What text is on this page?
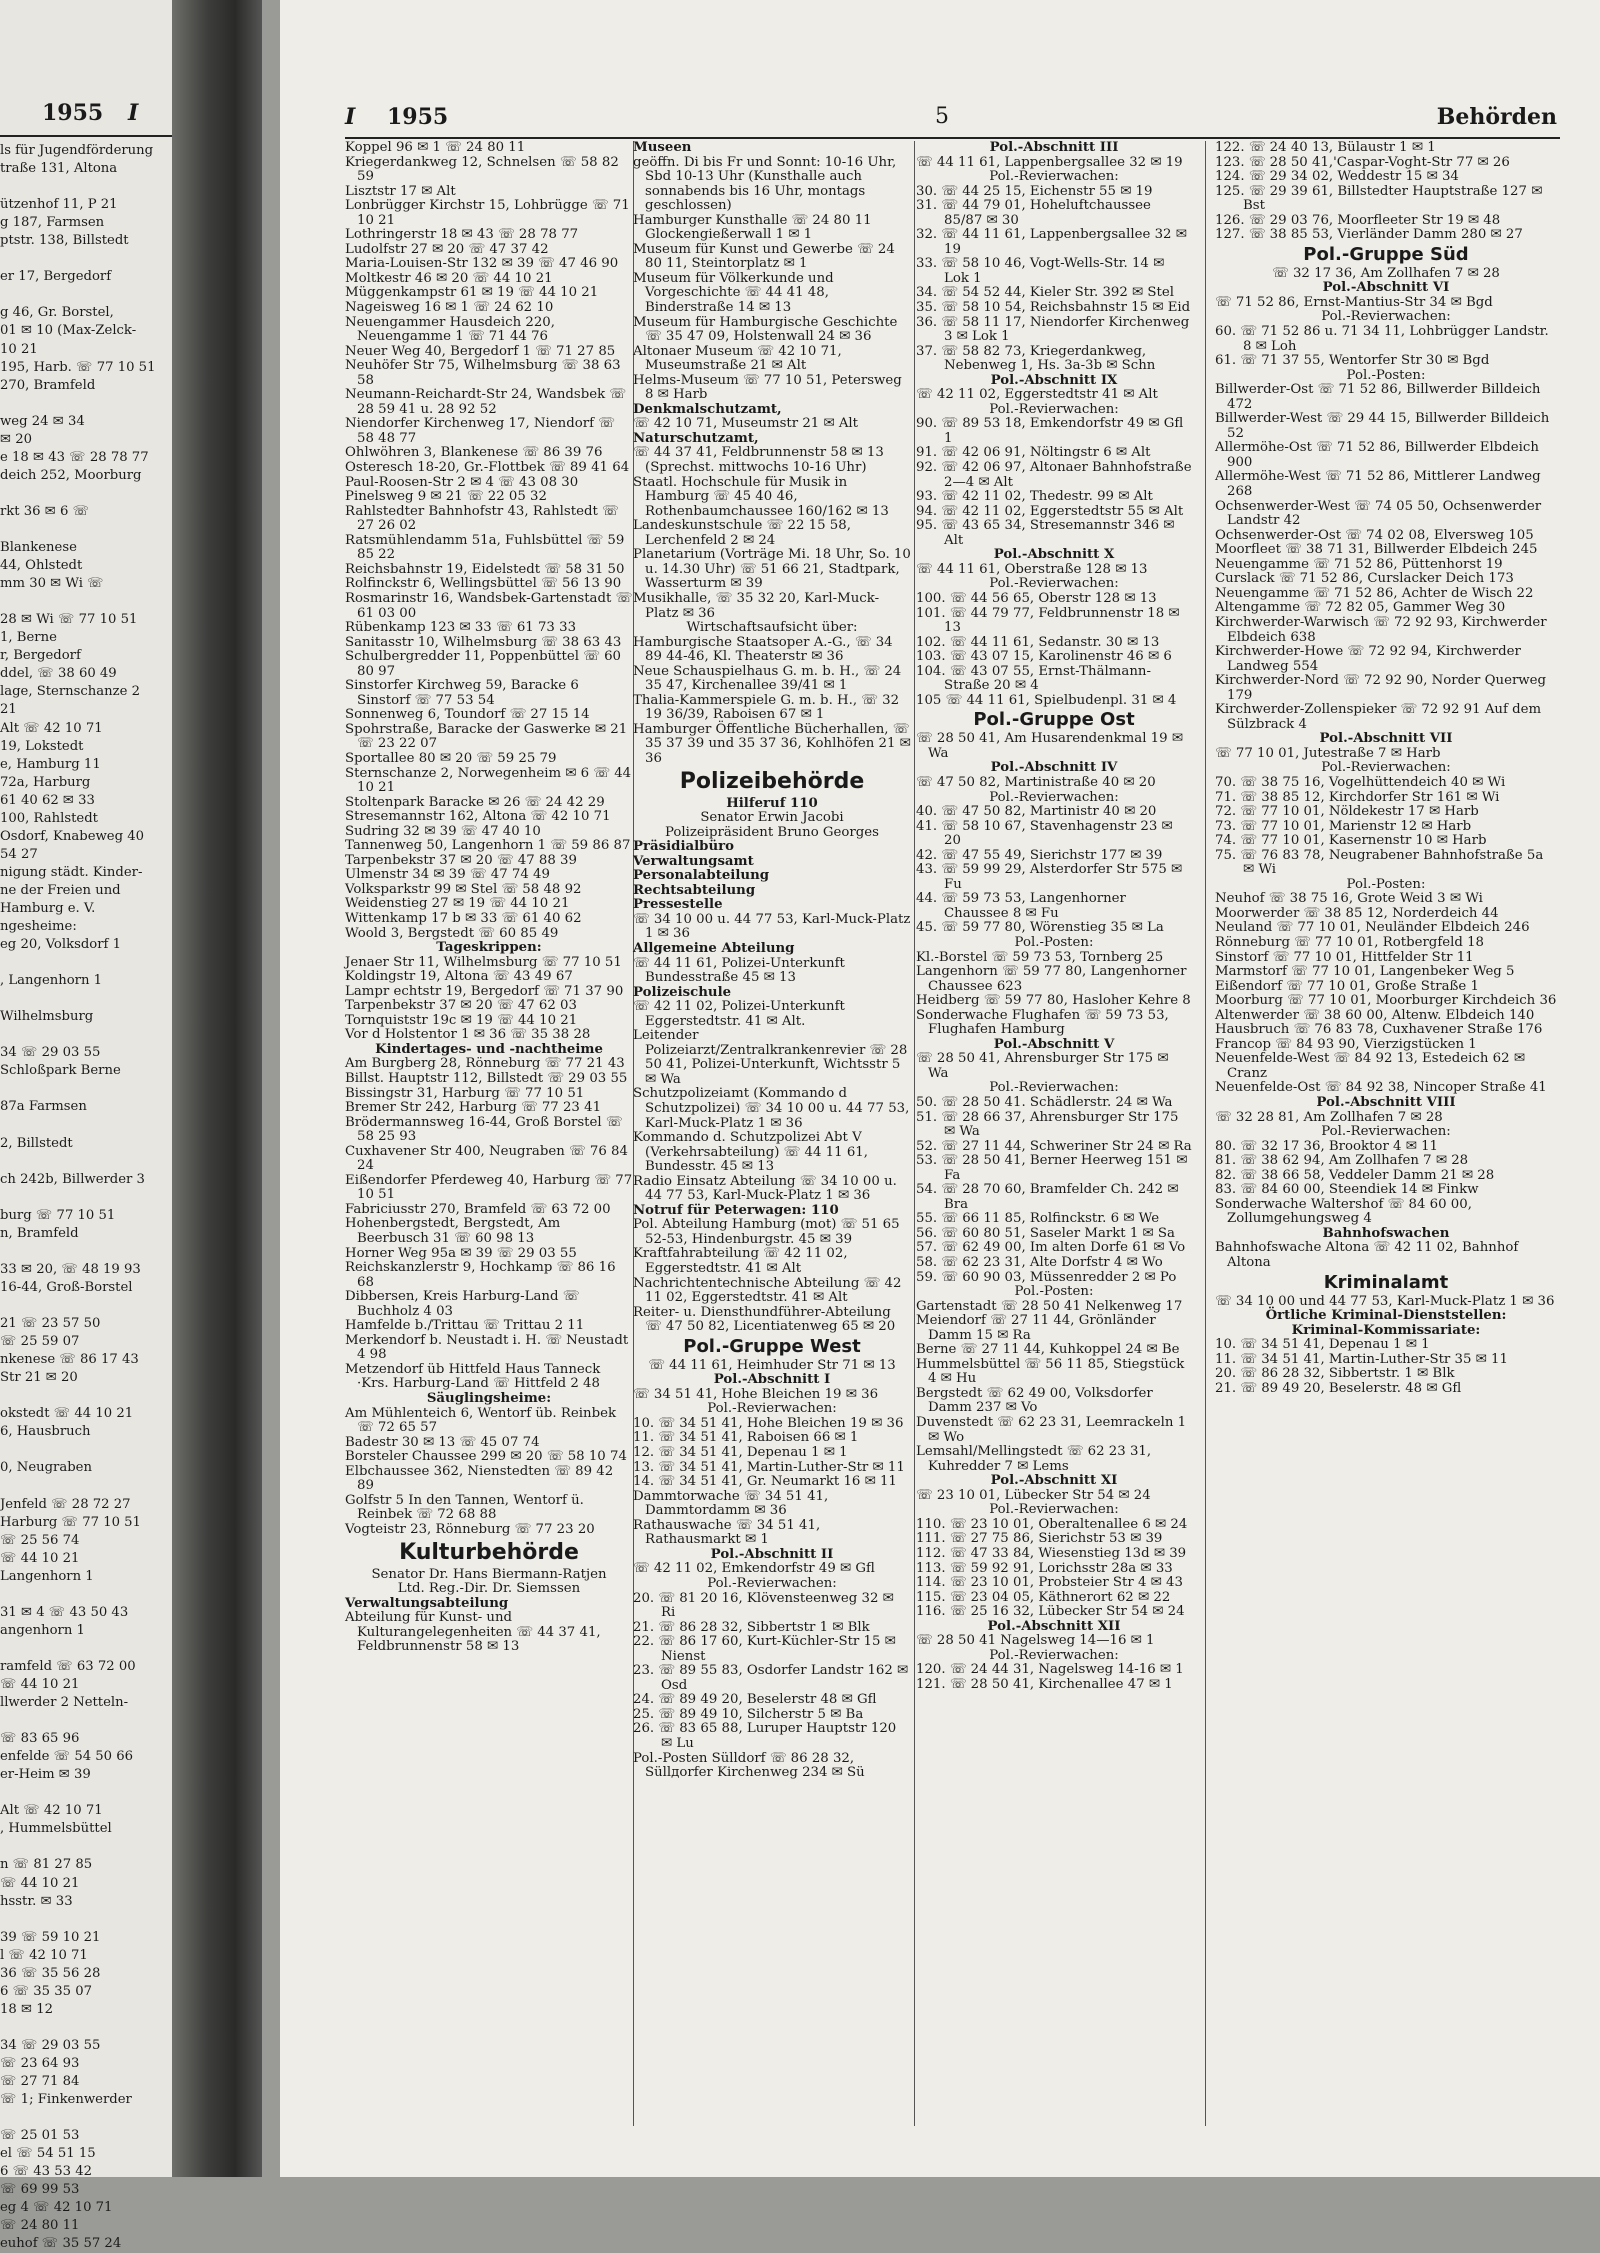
1955 I
ls für Jugendförderung
traße 131, Altona

ützenhof 11, P 21
g 187, Farmsen
ptstr. 138, Billstedt

er 17, Bergedorf

g 46, Gr. Borstel,
01 ✉ 10 (Max-Zelck-
10 21
195, Harb. ☏ 77 10 51
270, Bramfeld

weg 24 ✉ 34
✉ 20
e 18 ✉ 43 ☏ 28 78 77
deich 252, Moorburg

rkt 36 ✉ 6 ☏

Blankenese
44, Ohlstedt
mm 30 ✉ Wi ☏

28 ✉ Wi ☏ 77 10 51
1, Berne
r, Bergedorf
ddel, ☏ 38 60 49
lage, Sternschanze 2
21
Alt ☏ 42 10 71
19, Lokstedt
e, Hamburg 11
72a, Harburg
61 40 62 ✉ 33
100, Rahlstedt
Osdorf, Knabeweg 40
54 27
nigung städt. Kinder-
ne der Freien und
Hamburg e. V.
ngesheime:
eg 20, Volksdorf 1

, Langenhorn 1

Wilhelmsburg

34 ☏ 29 03 55
Schloßpark Berne

87a Farmsen

2, Billstedt

ch 242b, Billwerder 3

burg ☏ 77 10 51
n, Bramfeld

33 ✉ 20, ☏ 48 19 93
16-44, Groß-Borstel

21 ☏ 23 57 50
☏ 25 59 07
nkenese ☏ 86 17 43
Str 21 ✉ 20

okstedt ☏ 44 10 21
6, Hausbruch

0, Neugraben

Jenfeld ☏ 28 72 27
Harburg ☏ 77 10 51
☏ 25 56 74
☏ 44 10 21
Langenhorn 1

31 ✉ 4 ☏ 43 50 43
angenhorn 1

ramfeld ☏ 63 72 00
☏ 44 10 21
llwerder 2 Netteln-

☏ 83 65 96
enfelde ☏ 54 50 66
er-Heim ✉ 39

Alt ☏ 42 10 71
, Hummelsbüttel

n ☏ 81 27 85
☏ 44 10 21
hsstr. ✉ 33

39 ☏ 59 10 21
l ☏ 42 10 71
36 ☏ 35 56 28
6 ☏ 35 35 07
18 ✉ 12

34 ☏ 29 03 55
☏ 23 64 93
☏ 27 71 84
☏ 1; Finkenwerder

☏ 25 01 53
el ☏ 54 51 15
6 ☏ 43 53 42
☏ 69 99 53
eg 4 ☏ 42 10 71
☏ 24 80 11
euhof ☏ 35 57 24
I 1955	5	Behörden

Koppel 96 ✉ 1 ☏ 24 80 11

Kriegerdankweg 12, Schnelsen ☏ 58 82 59

Lisztstr 17 ✉ Alt

Lonbrügger Kirchstr 15, Lohbrügge ☏ 71 10 21

Lothringerstr 18 ✉ 43 ☏ 28 78 77

Ludolfstr 27 ✉ 20 ☏ 47 37 42

Maria-Louisen-Str 132 ✉ 39 ☏ 47 46 90

Moltkestr 46 ✉ 20 ☏ 44 10 21

Müggenkampstr 61 ✉ 19 ☏ 44 10 21

Nageisweg 16 ✉ 1 ☏ 24 62 10

Neuengammer Hausdeich 220, Neuengamme 1 ☏ 71 44 76

Neuer Weg 40, Bergedorf 1 ☏ 71 27 85

Neuhöfer Str 75, Wilhelmsburg ☏ 38 63 58

Neumann-Reichardt-Str 24, Wandsbek ☏ 28 59 41 u. 28 92 52

Niendorfer Kirchenweg 17, Niendorf ☏ 58 48 77

Ohlwöhren 3, Blankenese ☏ 86 39 76

Osteresch 18-20, Gr.-Flottbek ☏ 89 41 64

Paul-Roosen-Str 2 ✉ 4 ☏ 43 08 30

Pinelsweg 9 ✉ 21 ☏ 22 05 32

Rahlstedter Bahnhofstr 43, Rahlstedt ☏ 27 26 02

Ratsmühlendamm 51a, Fuhlsbüttel ☏ 59 85 22

Reichsbahnstr 19, Eidelstedt ☏ 58 31 50

Rolfinckstr 6, Wellingsbüttel ☏ 56 13 90

Rosmarinstr 16, Wandsbek-Gartenstadt ☏ 61 03 00

Rübenkamp 123 ✉ 33 ☏ 61 73 33

Sanitasstr 10, Wilhelmsburg ☏ 38 63 43

Schulbergredder 11, Poppenbüttel ☏ 60 80 97

Sinstorfer Kirchweg 59, Baracke 6 Sinstorf ☏ 77 53 54

Sonnenweg 6, Toundorf ☏ 27 15 14

Spohrstraße, Baracke der Gaswerke ✉ 21 ☏ 23 22 07

Sportallee 80 ✉ 20 ☏ 59 25 79

Sternschanze 2, Norwegenheim ✉ 6 ☏ 44 10 21

Stoltenpark Baracke ✉ 26 ☏ 24 42 29

Stresemannstr 162, Altona ☏ 42 10 71

Sudring 32 ✉ 39 ☏ 47 40 10

Tannenweg 50, Langenhorn 1 ☏ 59 86 87

Tarpenbekstr 37 ✉ 20 ☏ 47 88 39

Ulmenstr 34 ✉ 39 ☏ 47 74 49

Volksparkstr 99 ✉ Stel ☏ 58 48 92

Weidenstieg 27 ✉ 19 ☏ 44 10 21

Wittenkamp 17 b ✉ 33 ☏ 61 40 62

Woold 3, Bergstedt ☏ 60 85 49

Tageskrippen:

Jenaer Str 11, Wilhelmsburg ☏ 77 10 51

Koldingstr 19, Altona ☏ 43 49 67

Lampr echtstr 19, Bergedorf ☏ 71 37 90

Tarpenbekstr 37 ✉ 20 ☏ 47 62 03

Tornquiststr 19c ✉ 19 ☏ 44 10 21

Vor d Holstentor 1 ✉ 36 ☏ 35 38 28

Kindertages- und -nachtheime

Am Burgberg 28, Rönneburg ☏ 77 21 43

Billst. Hauptstr 112, Billstedt ☏ 29 03 55

Bissingstr 31, Harburg ☏ 77 10 51

Bremer Str 242, Harburg ☏ 77 23 41

Brödermannsweg 16-44, Groß Borstel ☏ 58 25 93

Cuxhavener Str 400, Neugraben ☏ 76 84 24

Eißendorfer Pferdeweg 40, Harburg ☏ 77 10 51

Fabriciusstr 270, Bramfeld ☏ 63 72 00

Hohenbergstedt, Bergstedt, Am Beerbusch 31 ☏ 60 98 13

Horner Weg 95a ✉ 39 ☏ 29 03 55

Reichskanzlerstr 9, Hochkamp ☏ 86 16 68

Dibbersen, Kreis Harburg-Land ☏ Buchholz 4 03

Hamfelde b./Trittau ☏ Trittau 2 11

Merkendorf b. Neustadt i. H. ☏ Neustadt 4 98

Metzendorf üb Hittfeld Haus Tanneck ·Krs. Harburg-Land ☏ Hittfeld 2 48

Säuglingsheime:

Am Mühlenteich 6, Wentorf üb. Reinbek ☏ 72 65 57

Badestr 30 ✉ 13 ☏ 45 07 74

Borsteler Chaussee 299 ✉ 20 ☏ 58 10 74

Elbchaussee 362, Nienstedten ☏ 89 42 89

Golfstr 5 In den Tannen, Wentorf ü. Reinbek ☏ 72 68 88

Vogteistr 23, Rönneburg ☏ 77 23 20

Kulturbehörde

Senator Dr. Hans Biermann-Ratjen

Ltd. Reg.-Dir. Dr. Siemssen

Verwaltungsabteilung

Abteilung für Kunst- und Kulturangelegenheiten ☏ 44 37 41, Feldbrunnenstr 58 ✉ 13

Museen

geöffn. Di bis Fr und Sonnt: 10-16 Uhr, Sbd 10-13 Uhr (Kunsthalle auch sonnabends bis 16 Uhr, montags geschlossen)

Hamburger Kunsthalle ☏ 24 80 11 Glockengießerwall 1 ✉ 1

Museum für Kunst und Gewerbe ☏ 24 80 11, Steintorplatz ✉ 1

Museum für Völkerkunde und Vorgeschichte ☏ 44 41 48, Binderstraße 14 ✉ 13

Museum für Hamburgische Geschichte ☏ 35 47 09, Holstenwall 24 ✉ 36

Altonaer Museum ☏ 42 10 71, Museumstraße 21 ✉ Alt

Helms-Museum ☏ 77 10 51, Petersweg 8 ✉ Harb

Denkmalschutzamt,

☏ 42 10 71, Museumstr 21 ✉ Alt

Naturschutzamt,

☏ 44 37 41, Feldbrunnenstr 58 ✉ 13 (Sprechst. mittwochs 10-16 Uhr)

Staatl. Hochschule für Musik in Hamburg ☏ 45 40 46, Rothenbaumchaussee 160/162 ✉ 13

Landeskunstschule ☏ 22 15 58, Lerchenfeld 2 ✉ 24

Planetarium (Vorträge Mi. 18 Uhr, So. 10 u. 14.30 Uhr) ☏ 51 66 21, Stadtpark, Wasserturm ✉ 39

Musikhalle, ☏ 35 32 20, Karl-Muck-Platz ✉ 36

Wirtschaftsaufsicht über:

Hamburgische Staatsoper A.-G., ☏ 34 89 44-46, Kl. Theaterstr ✉ 36

Neue Schauspielhaus G. m. b. H., ☏ 24 35 47, Kirchenallee 39/41 ✉ 1

Thalia-Kammerspiele G. m. b. H., ☏ 32 19 36/39, Raboisen 67 ✉ 1

Hamburger Öffentliche Bücherhallen, ☏ 35 37 39 und 35 37 36, Kohlhöfen 21 ✉ 36

Polizeibehörde

Hilferuf 110

Senator Erwin Jacobi

Polizeipräsident Bruno Georges

Präsidialbüro

Verwaltungsamt

Personalabteilung

Rechtsabteilung

Pressestelle

☏ 34 10 00 u. 44 77 53, Karl-Muck-Platz 1 ✉ 36

Allgemeine Abteilung

☏ 44 11 61, Polizei-Unterkunft Bundesstraße 45 ✉ 13

Polizeischule

☏ 42 11 02, Polizei-Unterkunft Eggerstedtstr. 41 ✉ Alt.

Leitender Polizeiarzt/Zentralkrankenrevier ☏ 28 50 41, Polizei-Unterkunft, Wichtsstr 5 ✉ Wa

Schutzpolizeiamt (Kommando d Schutzpolizei) ☏ 34 10 00 u. 44 77 53, Karl-Muck-Platz 1 ✉ 36

Kommando d. Schutzpolizei Abt V (Verkehrsabteilung) ☏ 44 11 61, Bundesstr. 45 ✉ 13

Radio Einsatz Abteilung ☏ 34 10 00 u. 44 77 53, Karl-Muck-Platz 1 ✉ 36

Notruf für Peterwagen: 110

Pol. Abteilung Hamburg (mot) ☏ 51 65 52-53, Hindenburgstr. 45 ✉ 39

Kraftfahrabteilung ☏ 42 11 02, Eggerstedtstr. 41 ✉ Alt

Nachrichtentechnische Abteilung ☏ 42 11 02, Eggerstedtstr. 41 ✉ Alt

Reiter- u. Diensthundführer-Abteilung ☏ 47 50 82, Licentiatenweg 65 ✉ 20

Pol.-Gruppe West

☏ 44 11 61, Heimhuder Str 71 ✉ 13

Pol.-Abschnitt I

☏ 34 51 41, Hohe Bleichen 19 ✉ 36

Pol.-Revierwachen:

10. ☏ 34 51 41, Hohe Bleichen 19 ✉ 36

11. ☏ 34 51 41, Raboisen 66 ✉ 1

12. ☏ 34 51 41, Depenau 1 ✉ 1

13. ☏ 34 51 41, Martin-Luther-Str ✉ 11

14. ☏ 34 51 41, Gr. Neumarkt 16 ✉ 11

Dammtorwache ☏ 34 51 41, Dammtordamm ✉ 36

Rathauswache ☏ 34 51 41, Rathausmarkt ✉ 1

Pol.-Abschnitt II

☏ 42 11 02, Emkendorfstr 49 ✉ Gfl

Pol.-Revierwachen:

20. ☏ 81 20 16, Klövensteenweg 32 ✉ Ri

21. ☏ 86 28 32, Sibbertstr 1 ✉ Blk

22. ☏ 86 17 60, Kurt-Küchler-Str 15 ✉ Nienst

23. ☏ 89 55 83, Osdorfer Landstr 162 ✉ Osd

24. ☏ 89 49 20, Beselerstr 48 ✉ Gfl

25. ☏ 89 49 10, Silcherstr 5 ✉ Ba

26. ☏ 83 65 88, Luruper Hauptstr 120 ✉ Lu

Pol.-Posten Sülldorf ☏ 86 28 32, Süllдorfer Kirchenweg 234 ✉ Sü

Pol.-Abschnitt III

☏ 44 11 61, Lappenbergsallee 32 ✉ 19

Pol.-Revierwachen:

30. ☏ 44 25 15, Eichenstr 55 ✉ 19

31. ☏ 44 79 01, Hoheluftchaussee 85/87 ✉ 30

32. ☏ 44 11 61, Lappenbergsallee 32 ✉ 19

33. ☏ 58 10 46, Vogt-Wells-Str. 14 ✉ Lok 1

34. ☏ 54 52 44, Kieler Str. 392 ✉ Stel

35. ☏ 58 10 54, Reichsbahnstr 15 ✉ Eid

36. ☏ 58 11 17, Niendorfer Kirchenweg 3 ✉ Lok 1

37. ☏ 58 82 73, Kriegerdankweg, Nebenweg 1, Hs. 3a-3b ✉ Schn

Pol.-Abschnitt IX

☏ 42 11 02, Eggerstedtstr 41 ✉ Alt

Pol.-Revierwachen:

90. ☏ 89 53 18, Emkendorfstr 49 ✉ Gfl 1

91. ☏ 42 06 91, Nöltingstr 6 ✉ Alt

92. ☏ 42 06 97, Altonaer Bahnhofstraße 2—4 ✉ Alt

93. ☏ 42 11 02, Thedestr. 99 ✉ Alt

94. ☏ 42 11 02, Eggerstedtstr 55 ✉ Alt

95. ☏ 43 65 34, Stresemannstr 346 ✉ Alt

Pol.-Abschnitt X

☏ 44 11 61, Oberstraße 128 ✉ 13

Pol.-Revierwachen:

100. ☏ 44 56 65, Oberstr 128 ✉ 13

101. ☏ 44 79 77, Feldbrunnenstr 18 ✉ 13

102. ☏ 44 11 61, Sedanstr. 30 ✉ 13

103. ☏ 43 07 15, Karolinenstr 46 ✉ 6

104. ☏ 43 07 55, Ernst-Thälmann-Straße 20 ✉ 4

105 ☏ 44 11 61, Spielbudenpl. 31 ✉ 4

Pol.-Gruppe Ost

☏ 28 50 41, Am Husarendenkmal 19 ✉ Wa

Pol.-Abschnitt IV

☏ 47 50 82, Martinistraße 40 ✉ 20

Pol.-Revierwachen:

40. ☏ 47 50 82, Martinistr 40 ✉ 20

41. ☏ 58 10 67, Stavenhagenstr 23 ✉ 20

42. ☏ 47 55 49, Sierichstr 177 ✉ 39

43. ☏ 59 99 29, Alsterdorfer Str 575 ✉ Fu

44. ☏ 59 73 53, Langenhorner Chaussee 8 ✉ Fu

45. ☏ 59 77 80, Wörenstieg 35 ✉ La

Pol.-Posten:

Kl.-Borstel ☏ 59 73 53, Tornberg 25

Langenhorn ☏ 59 77 80, Langenhorner Chaussee 623

Heidberg ☏ 59 77 80, Hasloher Kehre 8

Sonderwache Flughafen ☏ 59 73 53, Flughafen Hamburg

Pol.-Abschnitt V

☏ 28 50 41, Ahrensburger Str 175 ✉ Wa

Pol.-Revierwachen:

50. ☏ 28 50 41. Schädlerstr. 24 ✉ Wa

51. ☏ 28 66 37, Ahrensburger Str 175 ✉ Wa

52. ☏ 27 11 44, Schweriner Str 24 ✉ Ra

53. ☏ 28 50 41, Berner Heerweg 151 ✉ Fa

54. ☏ 28 70 60, Bramfelder Ch. 242 ✉ Bra

55. ☏ 66 11 85, Rolfinckstr. 6 ✉ We

56. ☏ 60 80 51, Saseler Markt 1 ✉ Sa

57. ☏ 62 49 00, Im alten Dorfe 61 ✉ Vo

58. ☏ 62 23 31, Alte Dorfstr 4 ✉ Wo

59. ☏ 60 90 03, Müssenredder 2 ✉ Po

Pol.-Posten:

Gartenstadt ☏ 28 50 41 Nelkenweg 17

Meiendorf ☏ 27 11 44, Grönländer Damm 15 ✉ Ra

Berne ☏ 27 11 44, Kuhkoppel 24 ✉ Be

Hummelsbüttel ☏ 56 11 85, Stiegstück 4 ✉ Hu

Bergstedt ☏ 62 49 00, Volksdorfer Damm 237 ✉ Vo

Duvenstedt ☏ 62 23 31, Leemrackeln 1 ✉ Wo

Lemsahl/Mellingstedt ☏ 62 23 31, Kuhredder 7 ✉ Lems

Pol.-Abschnitt XI

☏ 23 10 01, Lübecker Str 54 ✉ 24

Pol.-Revierwachen:

110. ☏ 23 10 01, Oberaltenallee 6 ✉ 24

111. ☏ 27 75 86, Sierichstr 53 ✉ 39

112. ☏ 47 33 84, Wiesenstieg 13d ✉ 39

113. ☏ 59 92 91, Lorichsstr 28a ✉ 33

114. ☏ 23 10 01, Probsteier Str 4 ✉ 43

115. ☏ 23 04 05, Käthnerort 62 ✉ 22

116. ☏ 25 16 32, Lübecker Str 54 ✉ 24

Pol.-Abschnitt XII

☏ 28 50 41 Nagelsweg 14—16 ✉ 1

Pol.-Revierwachen:

120. ☏ 24 44 31, Nagelsweg 14-16 ✉ 1

121. ☏ 28 50 41, Kirchenallee 47 ✉ 1

122. ☏ 24 40 13, Bülaustr 1 ✉ 1

123. ☏ 28 50 41,'Caspar-Voght-Str 77 ✉ 26

124. ☏ 29 34 02, Weddestr 15 ✉ 34

125. ☏ 29 39 61, Billstedter Hauptstraße 127 ✉ Bst

126. ☏ 29 03 76, Moorfleeter Str 19 ✉ 48

127. ☏ 38 85 53, Vierländer Damm 280 ✉ 27

Pol.-Gruppe Süd

☏ 32 17 36, Am Zollhafen 7 ✉ 28

Pol.-Abschnitt VI

☏ 71 52 86, Ernst-Mantius-Str 34 ✉ Bgd

Pol.-Revierwachen:

60. ☏ 71 52 86 u. 71 34 11, Lohbrügger Landstr. 8 ✉ Loh

61. ☏ 71 37 55, Wentorfer Str 30 ✉ Bgd

Pol.-Posten:

Billwerder-Ost ☏ 71 52 86, Billwerder Billdeich 472

Billwerder-West ☏ 29 44 15, Billwerder Billdeich 52

Allermöhe-Ost ☏ 71 52 86, Billwerder Elbdeich 900

Allermöhe-West ☏ 71 52 86, Mittlerer Landweg 268

Ochsenwerder-West ☏ 74 05 50, Ochsenwerder Landstr 42

Ochsenwerder-Ost ☏ 74 02 08, Elversweg 105

Moorfleet ☏ 38 71 31, Billwerder Elbdeich 245

Neuengamme ☏ 71 52 86, Püttenhorst 19

Curslack ☏ 71 52 86, Curslacker Deich 173

Neuengamme ☏ 71 52 86, Achter de Wisch 22

Altengamme ☏ 72 82 05, Gammer Weg 30

Kirchwerder-Warwisch ☏ 72 92 93, Kirchwerder Elbdeich 638

Kirchwerder-Howe ☏ 72 92 94, Kirchwerder Landweg 554

Kirchwerder-Nord ☏ 72 92 90, Norder Querweg 179

Kirchwerder-Zollenspieker ☏ 72 92 91 Auf dem Sülzbrack 4

Pol.-Abschnitt VII

☏ 77 10 01, Jutestraße 7 ✉ Harb

Pol.-Revierwachen:

70. ☏ 38 75 16, Vogelhüttendeich 40 ✉ Wi

71. ☏ 38 85 12, Kirchdorfer Str 161 ✉ Wi

72. ☏ 77 10 01, Nöldekestr 17 ✉ Harb

73. ☏ 77 10 01, Marienstr 12 ✉ Harb

74. ☏ 77 10 01, Kasernenstr 10 ✉ Harb

75. ☏ 76 83 78, Neugrabener Bahnhofstraße 5a ✉ Wi

Pol.-Posten:

Neuhof ☏ 38 75 16, Grote Weid 3 ✉ Wi

Moorwerder ☏ 38 85 12, Norderdeich 44

Neuland ☏ 77 10 01, Neuländer Elbdeich 246

Rönneburg ☏ 77 10 01, Rotbergfeld 18

Sinstorf ☏ 77 10 01, Hittfelder Str 11

Marmstorf ☏ 77 10 01, Langenbeker Weg 5

Eißendorf ☏ 77 10 01, Große Straße 1

Moorburg ☏ 77 10 01, Moorburger Kirchdeich 36

Altenwerder ☏ 38 60 00, Altenw. Elbdeich 140

Hausbruch ☏ 76 83 78, Cuxhavener Straße 176

Francop ☏ 84 93 90, Vierzigstücken 1

Neuenfelde-West ☏ 84 92 13, Estedeich 62 ✉ Cranz

Neuenfelde-Ost ☏ 84 92 38, Nincoper Straße 41

Pol.-Abschnitt VIII

☏ 32 28 81, Am Zollhafen 7 ✉ 28

Pol.-Revierwachen:

80. ☏ 32 17 36, Brooktor 4 ✉ 11

81. ☏ 38 62 94, Am Zollhafen 7 ✉ 28

82. ☏ 38 66 58, Veddeler Damm 21 ✉ 28

83. ☏ 84 60 00, Steendiek 14 ✉ Finkw

Sonderwache Waltershof ☏ 84 60 00, Zollumgehungsweg 4

Bahnhofswachen

Bahnhofswache Altona ☏ 42 11 02, Bahnhof Altona

Kriminalamt

☏ 34 10 00 und 44 77 53, Karl-Muck-Platz 1 ✉ 36

Örtliche Kriminal-Dienststellen:

Kriminal-Kommissariate:

10. ☏ 34 51 41, Depenau 1 ✉ 1

11. ☏ 34 51 41, Martin-Luther-Str 35 ✉ 11

20. ☏ 86 28 32, Sibbertstr. 1 ✉ Blk

21. ☏ 89 49 20, Beselerstr. 48 ✉ Gfl
